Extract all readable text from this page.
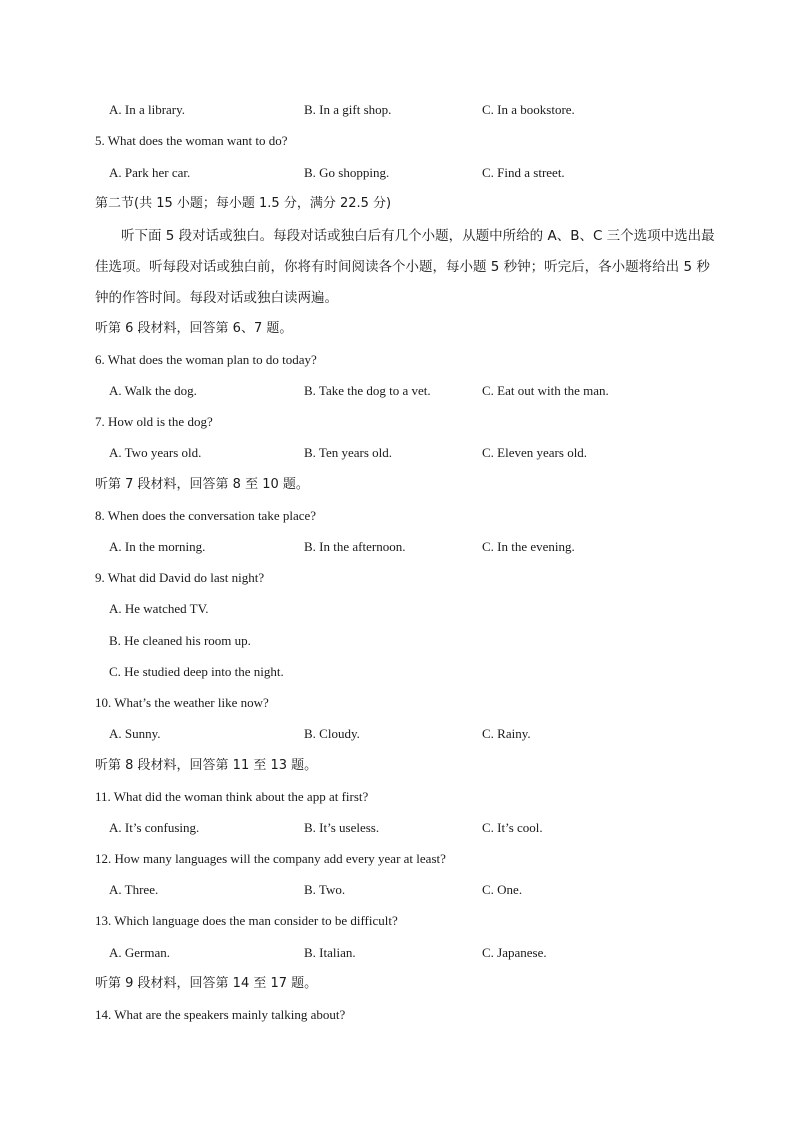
A. In a library.	B. In a gift shop.	C. In a bookstore.
5. What does the woman want to do?
A. Park her car.	B. Go shopping.	C. Find a street.
第二节(共 15 小题；每小题 1.5 分，满分 22.5 分)
听下面 5 段对话或独白。每段对话或独白后有几个小题，从题中所给的 A、B、C 三个选项中选出最佳选项。听每段对话或独白前，你将有时间阅读各个小题，每小题 5 秒钟；听完后，各小题将给出 5 秒钟的作答时间。每段对话或独白读两遍。
听第 6 段材料，回答第 6、7 题。
6. What does the woman plan to do today?
A. Walk the dog.	B. Take the dog to a vet.	C. Eat out with the man.
7. How old is the dog?
A. Two years old.	B. Ten years old.	C. Eleven years old.
听第 7 段材料，回答第 8 至 10 题。
8. When does the conversation take place?
A. In the morning.	B. In the afternoon.	C. In the evening.
9. What did David do last night?
A. He watched TV.
B. He cleaned his room up.
C. He studied deep into the night.
10. What’s the weather like now?
A. Sunny.	B. Cloudy.	C. Rainy.
听第 8 段材料，回答第 11 至 13 题。
11. What did the woman think about the app at first?
A. It’s confusing.	B. It’s useless.	C. It’s cool.
12. How many languages will the company add every year at least?
A. Three.	B. Two.	C. One.
13. Which language does the man consider to be difficult?
A. German.	B. Italian.	C. Japanese.
听第 9 段材料，回答第 14 至 17 题。
14. What are the speakers mainly talking about?
